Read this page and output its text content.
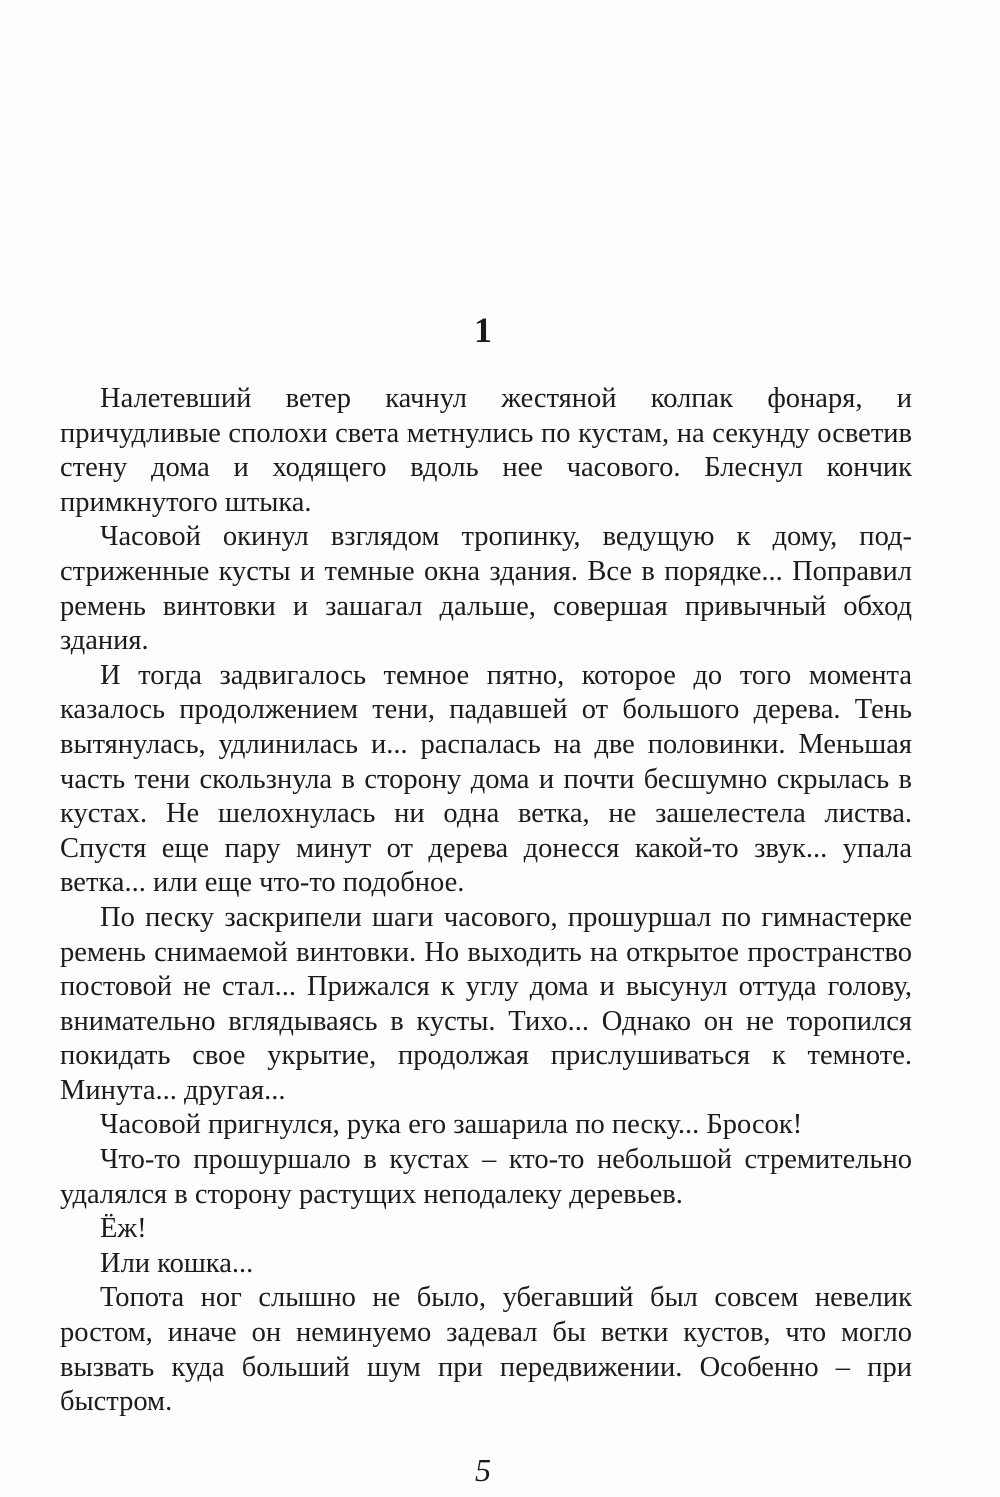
1

Налетевший ветер качнул жестяной колпак фонаря, и причудливые сполохи света метнулись по кустам, на секунду осветив стену дома и ходящего вдоль нее часового. Блеснул кончик примкнутого штыка.

Часовой окинул взглядом тропинку, ведущую к дому, подстриженные кусты и темные окна здания. Все в порядке... Поправил ремень винтовки и зашагал дальше, совершая привычный обход здания.

И тогда задвигалось темное пятно, которое до того момента казалось продолжением тени, падавшей от большого дерева. Тень вытянулась, удлинилась и... распалась на две половинки. Меньшая часть тени скользнула в сторону дома и почти бесшумно скрылась в кустах. Не шелохнулась ни одна ветка, не зашелестела листва. Спустя еще пару минут от дерева донесся какой-то звук... упала ветка... или еще что-то подобное.

По песку заскрипели шаги часового, прошуршал по гимнастерке ремень снимаемой винтовки. Но выходить на открытое пространство постовой не стал... Прижался к углу дома и высунул оттуда голову, внимательно вглядываясь в кусты. Тихо... Однако он не торопился покидать свое укрытие, продолжая прислушиваться к темноте. Минута... другая...

Часовой пригнулся, рука его зашарила по песку... Бросок!

Что-то прошуршало в кустах – кто-то небольшой стремительно удалялся в сторону растущих неподалеку деревьев.

Ёж!

Или кошка...

Топота ног слышно не было, убегавший был совсем невелик ростом, иначе он неминуемо задевал бы ветки кустов, что могло вызвать куда больший шум при передвижении. Особенно – при быстром.

5
